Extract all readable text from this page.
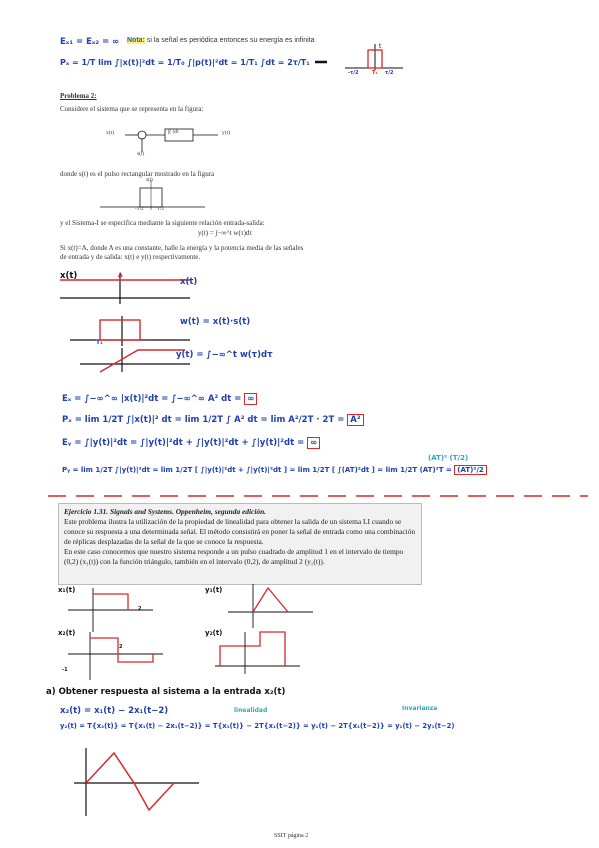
Eₓ₁ = Eₓ₂ = ∞ Nota: si la señal es periódica entonces su energía es infinita
Pₓ = 1/T lim ∫|x(t)|²dt = 1/T₀ ∫|p(t)|²dt = 1/T₁ ∫dt = 2τ/T₁
t
-τ/2	T₁ τ/2
Problema 2:
Considere el sistema que se representa en la figura:
x(t)	∫(·)dτ	y(t)
s(t)
donde s(t) es el pulso rectangular mostrado en la figura
s(t)
-T/2	T/2
y el Sistema-I se especifica mediante la siguiente relación entrada-salida:
y(t) = ∫−∞^t w(τ)dτ
Si x(t)=A, donde A es una constante, halle la energía y la potencia media de las señales de entrada y de salida: x(t) e y(t) respectivamente.
x(t)	A
x(t)
w(t) = x(t)·s(t)
T₁
y(t) = ∫−∞^t w(τ)dτ
Eₓ = ∫−∞^∞ |x(t)|²dt = ∫−∞^∞ A² dt = ∞
Pₓ = lim 1/2T ∫|x(t)|² dt = lim 1/2T ∫ A² dt = lim A²/2T · 2T = A²
Eᵧ = ∫|y(t)|²dt = ∫|y(t)|²dt + ∫|y(t)|²dt + ∫|y(t)|²dt = ∞
(AT)² (T/2)
Pᵧ = lim 1/2T ∫|y(t)|²dt = lim 1/2T [ ∫|y(t)|²dt + ∫|y(t)|²dt ] = lim 1/2T [ ∫(AT)²dt ] = lim 1/2T (AT)²T = (AT)²/2
Ejercicio 1.31. Signals and Systems. Oppenheim, segunda edición.
Este problema ilustra la utilización de la propiedad de linealidad para obtener la salida de un sistema LI cuando se conoce su respuesta a una determinada señal. El método consistirá en poner la señal de entrada como una combinación de réplicas desplazadas de la señal de la que se conoce la respuesta.
En este caso conocemos que nuestro sistema responde a un pulso cuadrado de amplitud 1 en el intervalo de tiempo (0,2) (x₁(t)) con la función triángulo, también en el intervalo (0,2), de amplitud 2 (y₁(t)).
x₁(t)
2
y₁(t)
x₂(t)
2
-1
y₂(t)
a) Obtener respuesta al sistema a la entrada x₂(t)
x₂(t) = x₁(t) − 2x₁(t−2)	linealidad	Invarianza
y₂(t) = T{x₂(t)} = T{x₁(t) − 2x₁(t−2)} = T{x₁(t)} − 2T{x₁(t−2)} = y₁(t) − 2T{x₁(t−2)} = y₁(t) − 2y₁(t−2)
SSIT página 2
